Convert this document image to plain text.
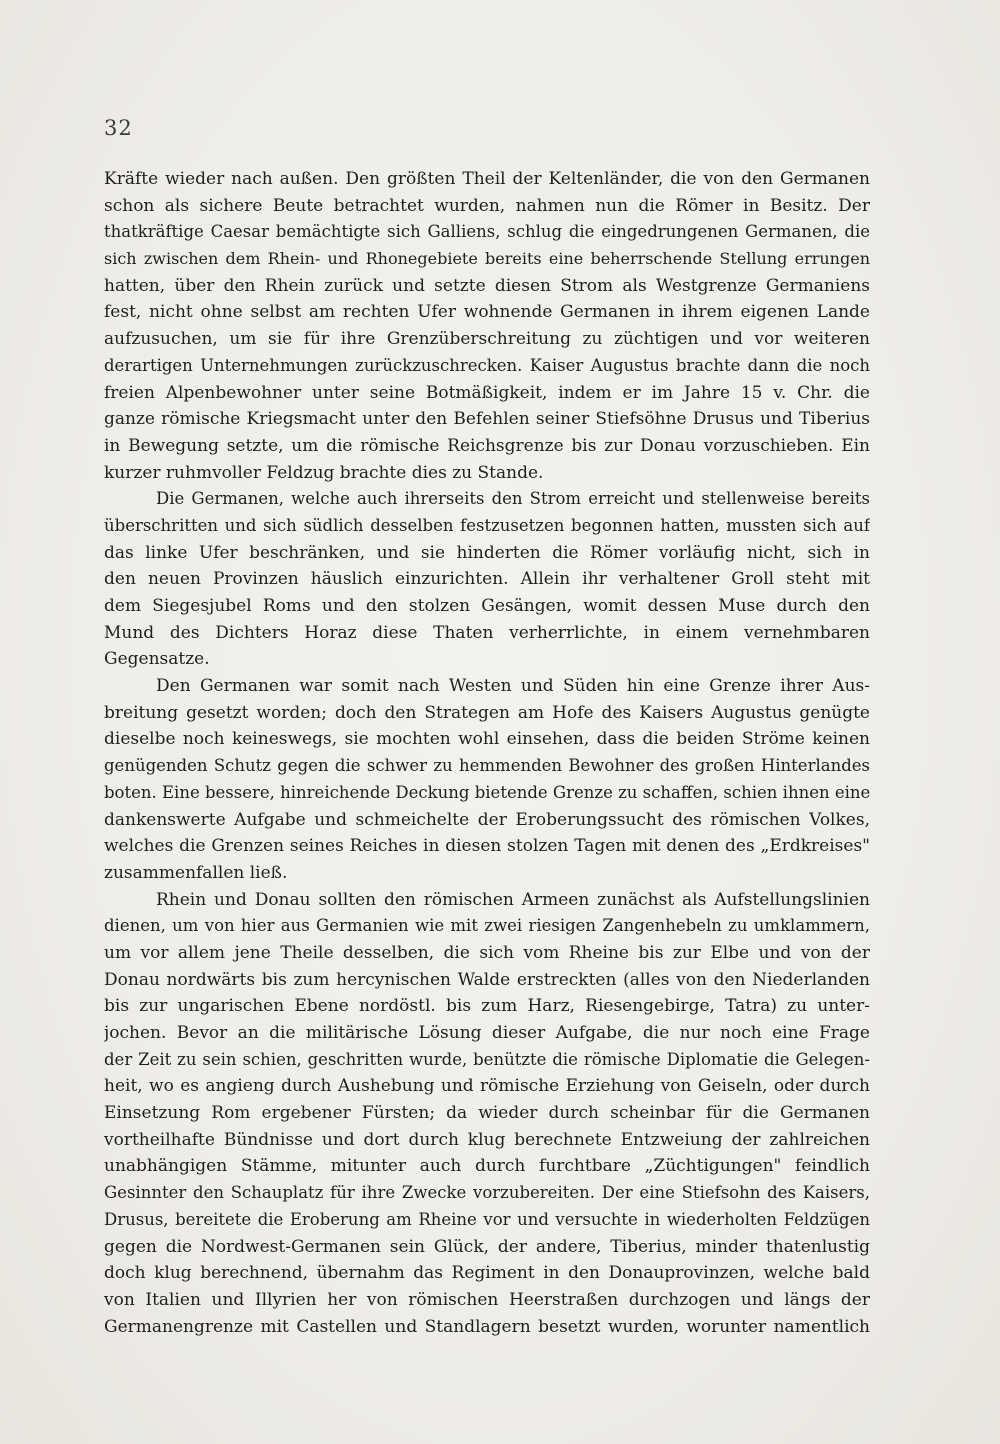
32
Kräfte wieder nach außen. Den größten Theil der Keltenländer, die von den Germanen
schon als sichere Beute betrachtet wurden, nahmen nun die Römer in Besitz. Der
thatkräftige Caesar bemächtigte sich Galliens, schlug die eingedrungenen Germanen, die
sich zwischen dem Rhein- und Rhonegebiete bereits eine beherrschende Stellung errungen
hatten, über den Rhein zurück und setzte diesen Strom als Westgrenze Germaniens
fest, nicht ohne selbst am rechten Ufer wohnende Germanen in ihrem eigenen Lande
aufzusuchen, um sie für ihre Grenzüberschreitung zu züchtigen und vor weiteren
derartigen Unternehmungen zurückzuschrecken. Kaiser Augustus brachte dann die noch
freien Alpenbewohner unter seine Botmäßigkeit, indem er im Jahre 15 v. Chr. die
ganze römische Kriegsmacht unter den Befehlen seiner Stiefsöhne Drusus und Tiberius
in Bewegung setzte, um die römische Reichsgrenze bis zur Donau vorzuschieben. Ein
kurzer ruhmvoller Feldzug brachte dies zu Stande.
Die Germanen, welche auch ihrerseits den Strom erreicht und stellenweise bereits
überschritten und sich südlich desselben festzusetzen begonnen hatten, mussten sich auf
das linke Ufer beschränken, und sie hinderten die Römer vorläufig nicht, sich in
den neuen Provinzen häuslich einzurichten. Allein ihr verhaltener Groll steht mit
dem Siegesjubel Roms und den stolzen Gesängen, womit dessen Muse durch den
Mund des Dichters Horaz diese Thaten verherrlichte, in einem vernehmbaren
Gegensatze.
Den Germanen war somit nach Westen und Süden hin eine Grenze ihrer Aus-
breitung gesetzt worden; doch den Strategen am Hofe des Kaisers Augustus genügte
dieselbe noch keineswegs, sie mochten wohl einsehen, dass die beiden Ströme keinen
genügenden Schutz gegen die schwer zu hemmenden Bewohner des großen Hinterlandes
boten. Eine bessere, hinreichende Deckung bietende Grenze zu schaffen, schien ihnen eine
dankenswerte Aufgabe und schmeichelte der Eroberungssucht des römischen Volkes,
welches die Grenzen seines Reiches in diesen stolzen Tagen mit denen des „Erdkreises"
zusammenfallen ließ.
Rhein und Donau sollten den römischen Armeen zunächst als Aufstellungslinien
dienen, um von hier aus Germanien wie mit zwei riesigen Zangenhebeln zu umklammern,
um vor allem jene Theile desselben, die sich vom Rheine bis zur Elbe und von der
Donau nordwärts bis zum hercynischen Walde erstreckten (alles von den Niederlanden
bis zur ungarischen Ebene nordöstl. bis zum Harz, Riesengebirge, Tatra) zu unter-
jochen. Bevor an die militärische Lösung dieser Aufgabe, die nur noch eine Frage
der Zeit zu sein schien, geschritten wurde, benützte die römische Diplomatie die Gelegen-
heit, wo es angieng durch Aushebung und römische Erziehung von Geiseln, oder durch
Einsetzung Rom ergebener Fürsten; da wieder durch scheinbar für die Germanen
vortheilhafte Bündnisse und dort durch klug berechnete Entzweiung der zahlreichen
unabhängigen Stämme, mitunter auch durch furchtbare „Züchtigungen" feindlich
Gesinnter den Schauplatz für ihre Zwecke vorzubereiten. Der eine Stiefsohn des Kaisers,
Drusus, bereitete die Eroberung am Rheine vor und versuchte in wiederholten Feldzügen
gegen die Nordwest-Germanen sein Glück, der andere, Tiberius, minder thatenlustig
doch klug berechnend, übernahm das Regiment in den Donauprovinzen, welche bald
von Italien und Illyrien her von römischen Heerstraßen durchzogen und längs der
Germanengrenze mit Castellen und Standlagern besetzt wurden, worunter namentlich
